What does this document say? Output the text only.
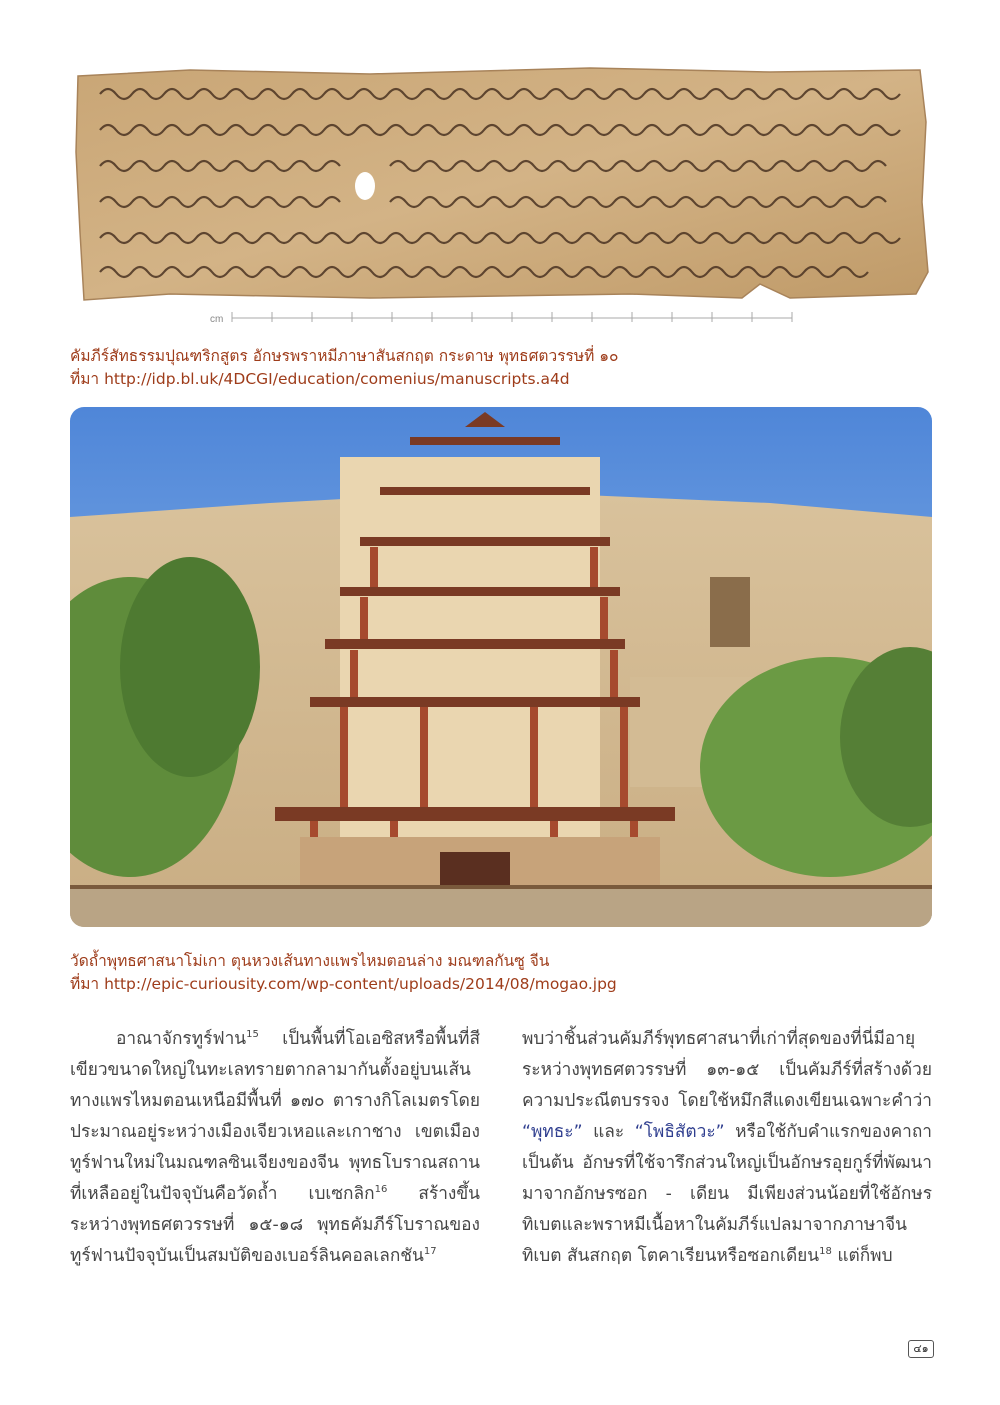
cm
คัมภีร์สัทธรรมปุณฑริกสูตร อักษรพราหมีภาษาสันสกฤต กระดาษ พุทธศตวรรษที่ ๑๐
ที่มา http://idp.bl.uk/4DCGI/education/comenius/manuscripts.a4d
วัดถ้ำพุทธศาสนาโม่เกา ตุนหวงเส้นทางแพรไหมตอนล่าง มณฑลกันซู จีน
ที่มา http://epic-curiousity.com/wp-content/uploads/2014/08/mogao.jpg

อาณาจักรทูร์ฟาน$^{15}$ เป็นพื้นที่โอเอซิสหรือพื้นที่สีเขียวขนาดใหญ่ในทะเลทรายตากลามากันตั้งอยู่บนเส้นทางแพรไหมตอนเหนือมีพื้นที่ ๑๗๐ ตารางกิโลเมตรโดยประมาณอยู่ระหว่างเมืองเจียวเหอและเกาชาง เขตเมืองทูร์ฟานใหม่ในมณฑลซินเจียงของจีน พุทธโบราณสถานที่เหลืออยู่ในปัจจุบันคือวัดถ้ำ เบเซกลิก$^{16}$ สร้างขึ้นระหว่างพุทธศตวรรษที่ ๑๕-๑๘ พุทธคัมภีร์โบราณของทูร์ฟานปัจจุบันเป็นสมบัติของเบอร์ลินคอลเลกชัน$^{17}$

พบว่าชิ้นส่วนคัมภีร์พุทธศาสนาที่เก่าที่สุดของที่นี่มีอายุระหว่างพุทธศตวรรษที่ ๑๓-๑๕ เป็นคัมภีร์ที่สร้างด้วยความประณีตบรรจง โดยใช้หมึกสีแดงเขียนเฉพาะคำว่า “พุทธะ” และ “โพธิสัตวะ” หรือใช้กับคำแรกของคาถาเป็นต้น อักษรที่ใช้จารึกส่วนใหญ่เป็นอักษรอุยกูร์ที่พัฒนามาจากอักษรซอก - เดียน มีเพียงส่วนน้อยที่ใช้อักษรทิเบตและพราหมีเนื้อหาในคัมภีร์แปลมาจากภาษาจีน ทิเบต สันสกฤต โตคาเรียนหรือซอกเดียน$^{18}$ แต่ก็พบ

๔๑
